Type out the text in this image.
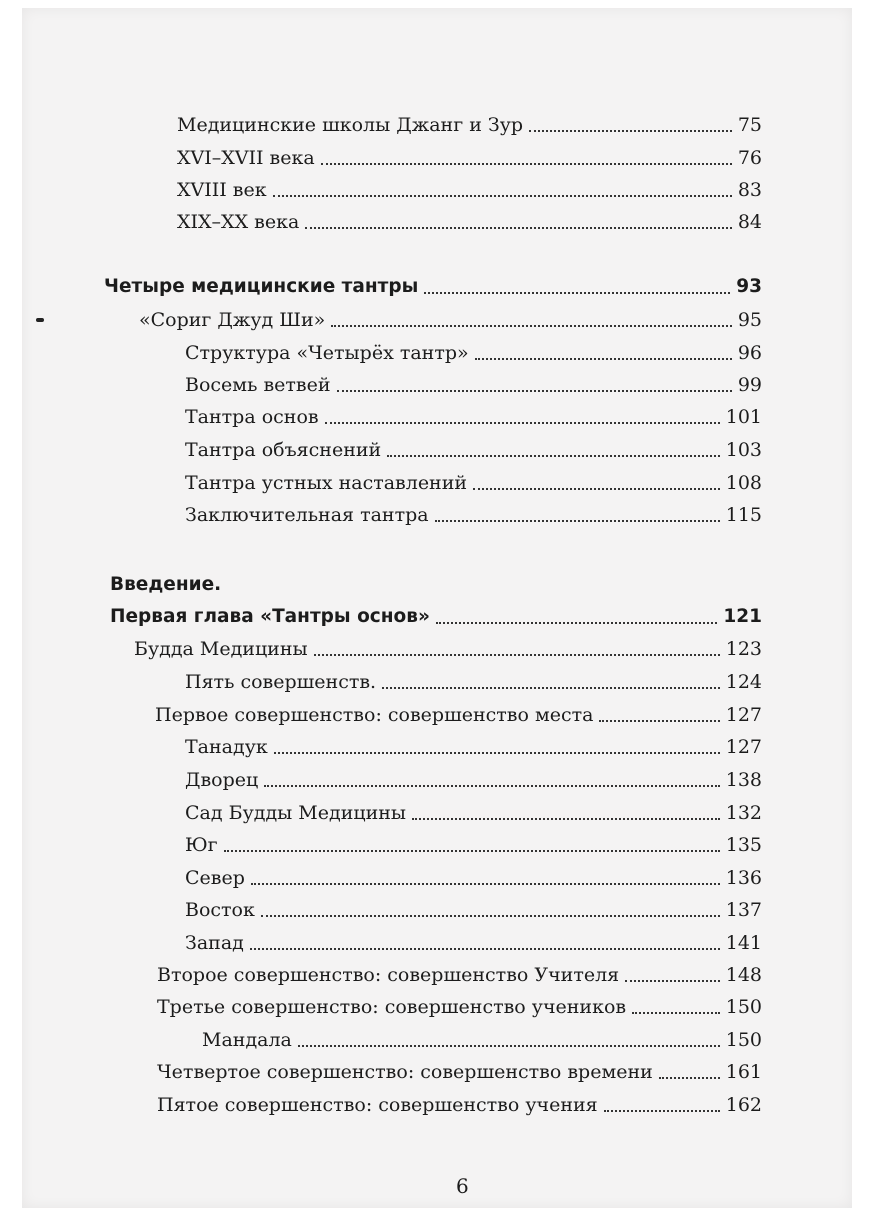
Медицинские школы Джанг и Зур	75
XVI–XVII века	76
XVIII век	83
XIX–XX века	84
Четыре медицинские тантры	93
«Сориг Джуд Ши»	95
Структура «Четырёх тантр»	96
Восемь ветвей	99
Тантра основ	101
Тантра объяснений	103
Тантра устных наставлений	108
Заключительная тантра	115
Введение.
Первая глава «Тантры основ»	121
Будда Медицины	123
Пять совершенств.	124
Первое совершенство: совершенство места	127
Танадук	127
Дворец	138
Сад Будды Медицины	132
Юг	135
Север	136
Восток	137
Запад	141
Второе совершенство: совершенство Учителя	148
Третье совершенство: совершенство учеников	150
Мандала	150
Четвертое совершенство: совершенство времени	161
Пятое совершенство: совершенство учения	162
6
